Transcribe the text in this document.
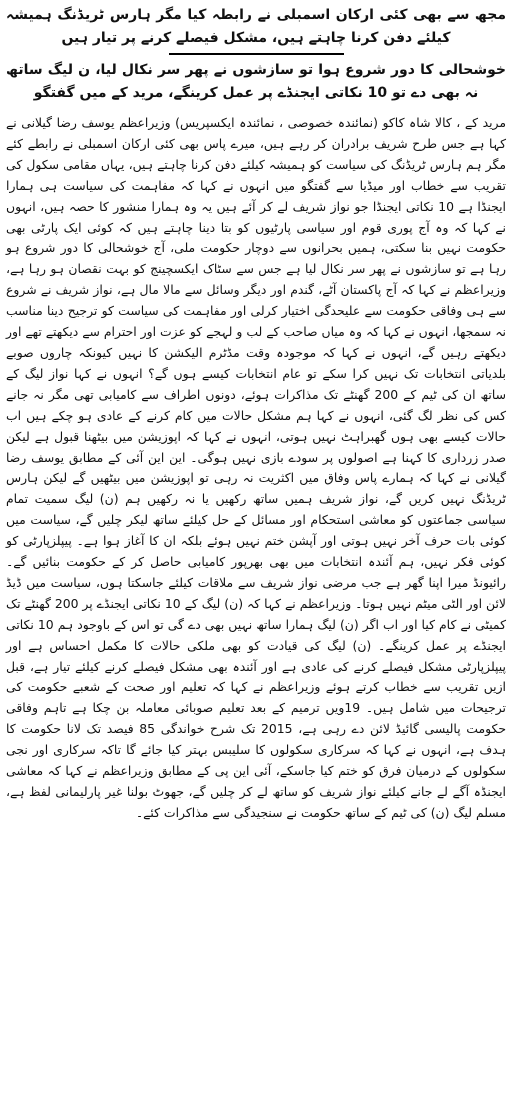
مجھ سے بھی کئی ارکان اسمبلی نے رابطہ کیا مگر ہارس ٹریڈنگ ہمیشہ کیلئے دفن کرنا چاہتے ہیں، مشکل فیصلے کرنے پر تیار ہیں

خوشحالی کا دور شروع ہوا تو سازشوں نے پھر سر نکال لیا، ن لیگ ساتھ نہ بھی دے تو 10 نکاتی ایجنڈے پر عمل کرینگے، مرید کے میں گفتگو

مرید کے ، کالا شاہ کاکو (نمائندہ خصوصی ، نمائندہ ایکسپریس) وزیراعظم یوسف رضا گیلانی نے کہا ہے جس طرح شریف برادران کر رہے ہیں، میرے پاس بھی کئی ارکان اسمبلی نے رابطے کئے مگر ہم ہارس ٹریڈنگ کی سیاست کو ہمیشہ کیلئے دفن کرنا چاہتے ہیں، یہاں مقامی سکول کی تقریب سے خطاب اور میڈیا سے گفتگو میں انہوں نے کہا کہ مفاہمت کی سیاست ہی ہمارا ایجنڈا ہے 10 نکاتی ایجنڈا جو نواز شریف لے کر آئے ہیں یہ وہ ہمارا منشور کا حصہ ہیں، انہوں نے کہا کہ وہ آج پوری قوم اور سیاسی پارٹیوں کو بتا دینا چاہتے ہیں کہ کوئی ایک پارٹی بھی حکومت نہیں بنا سکتی، ہمیں بحرانوں سے دوچار حکومت ملی، آج خوشحالی کا دور شروع ہو رہا ہے تو سازشوں نے پھر سر نکال لیا ہے جس سے سٹاک ایکسچینج کو بہت نقصان ہو رہا ہے، وزیراعظم نے کہا کہ آج پاکستان آٹے، گندم اور دیگر وسائل سے مالا مال ہے، نواز شریف نے شروع سے ہی وفاقی حکومت سے علیحدگی اختیار کرلی اور مفاہمت کی سیاست کو ترجیح دینا مناسب نہ سمجھا، انہوں نے کہا کہ وہ میاں صاحب کے لب و لہجے کو عزت اور احترام سے دیکھتے تھے اور دیکھتے رہیں گے، انہوں نے کہا کہ موجودہ وقت مڈٹرم الیکشن کا نہیں کیونکہ چاروں صوبے بلدیاتی انتخابات تک نہیں کرا سکے تو عام انتخابات کیسے ہوں گے؟ انہوں نے کہا نواز لیگ کے ساتھ ان کی ٹیم کے 200 گھنٹے تک مذاکرات ہوئے، دونوں اطراف سے کامیابی تھی مگر نہ جانے کس کی نظر لگ گئی، انہوں نے کہا ہم مشکل حالات میں کام کرنے کے عادی ہو چکے ہیں اب حالات کیسے بھی ہوں گھبراہٹ نہیں ہوتی، انہوں نے کہا کہ اپوزیشن میں بیٹھنا قبول ہے لیکن صدر زرداری کا کہنا ہے اصولوں پر سودے بازی نہیں ہوگی۔ این این آئی کے مطابق یوسف رضا گیلانی نے کہا کہ ہمارے پاس وفاق میں اکثریت نہ رہی تو اپوزیشن میں بیٹھیں گے لیکن ہارس ٹریڈنگ نہیں کریں گے، نواز شریف ہمیں ساتھ رکھیں یا نہ رکھیں ہم (ن) لیگ سمیت تمام سیاسی جماعتوں کو معاشی استحکام اور مسائل کے حل کیلئے ساتھ لیکر چلیں گے، سیاست میں کوئی بات حرف آخر نہیں ہوتی اور آپشن ختم نہیں ہوئے بلکہ ان کا آغاز ہوا ہے۔ پیپلزپارٹی کو کوئی فکر نہیں، ہم آئندہ انتخابات میں بھی بھرپور کامیابی حاصل کر کے حکومت بنائیں گے۔ رائیونڈ میرا اپنا گھر ہے جب مرضی نواز شریف سے ملاقات کیلئے جاسکتا ہوں، سیاست میں ڈیڈ لائن اور الٹی میٹم نہیں ہوتا۔ وزیراعظم نے کہا کہ (ن) لیگ کے 10 نکاتی ایجنڈے پر 200 گھنٹے تک کمیٹی نے کام کیا اور اب اگر (ن) لیگ ہمارا ساتھ نہیں بھی دے گی تو اس کے باوجود ہم 10 نکاتی ایجنڈے پر عمل کرینگے۔ (ن) لیگ کی قیادت کو بھی ملکی حالات کا مکمل احساس ہے اور پیپلزپارٹی مشکل فیصلے کرنے کی عادی ہے اور آئندہ بھی مشکل فیصلے کرنے کیلئے تیار ہے، قبل ازیں تقریب سے خطاب کرتے ہوئے وزیراعظم نے کہا کہ تعلیم اور صحت کے شعبے حکومت کی ترجیحات میں شامل ہیں۔ 19ویں ترمیم کے بعد تعلیم صوبائی معاملہ بن چکا ہے تاہم وفاقی حکومت پالیسی گائیڈ لائن دے رہی ہے، 2015 تک شرح خواندگی 85 فیصد تک لانا حکومت کا ہدف ہے، انہوں نے کہا کہ سرکاری سکولوں کا سلیبس بہتر کیا جائے گا تاکہ سرکاری اور نجی سکولوں کے درمیان فرق کو ختم کیا جاسکے، آئی این پی کے مطابق وزیراعظم نے کہا کہ معاشی ایجنڈہ آگے لے جانے کیلئے نواز شریف کو ساتھ لے کر چلیں گے، جھوٹ بولنا غیر پارلیمانی لفظ ہے، مسلم لیگ (ن) کی ٹیم کے ساتھ حکومت نے سنجیدگی سے مذاکرات کئے۔
